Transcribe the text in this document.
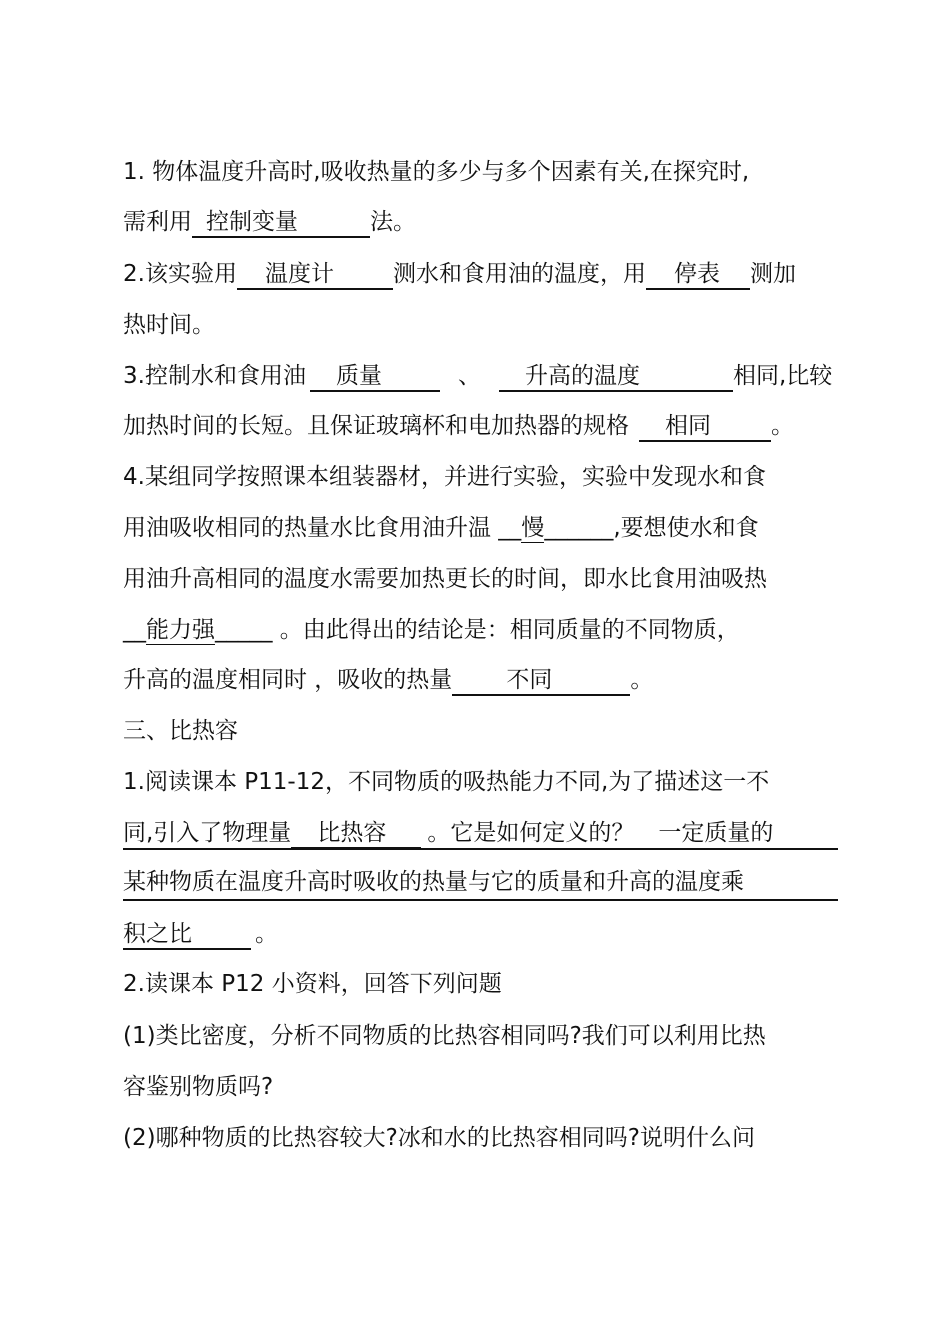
1. 物体温度升高时,吸收热量的多少与多个因素有关,在探究时,
需利用 控制变量	法。
2.该实验用 温度计	测水和食用油的温度，用 停表 测加
热时间。
3.控制水和食用油 质量	、 升高的温度	相同,比较
加热时间的长短。且保证玻璃杯和电加热器的规格 相同	。
4.某组同学按照课本组装器材，并进行实验，实验中发现水和食
用油吸收相同的热量水比食用油升温 __慢______,要想使水和食
用油升高相同的温度水需要加热更长的时间，即水比食用油吸热
__能力强_____ 。由此得出的结论是：相同质量的不同物质，
升高的温度相同时 ，吸收的热量 不同	。
三、比热容
1.阅读课本 P11-12，不同物质的吸热能力不同,为了描述这一不
同,引入了物理量 比热容 。它是如何定义的？ 一定质量的
某种物质在温度升高时吸收的热量与它的质量和升高的温度乘
积之比	。
2.读课本 P12 小资料，回答下列问题
(1)类比密度，分析不同物质的比热容相同吗?我们可以利用比热
容鉴别物质吗?
(2)哪种物质的比热容较大?冰和水的比热容相同吗?说明什么问
